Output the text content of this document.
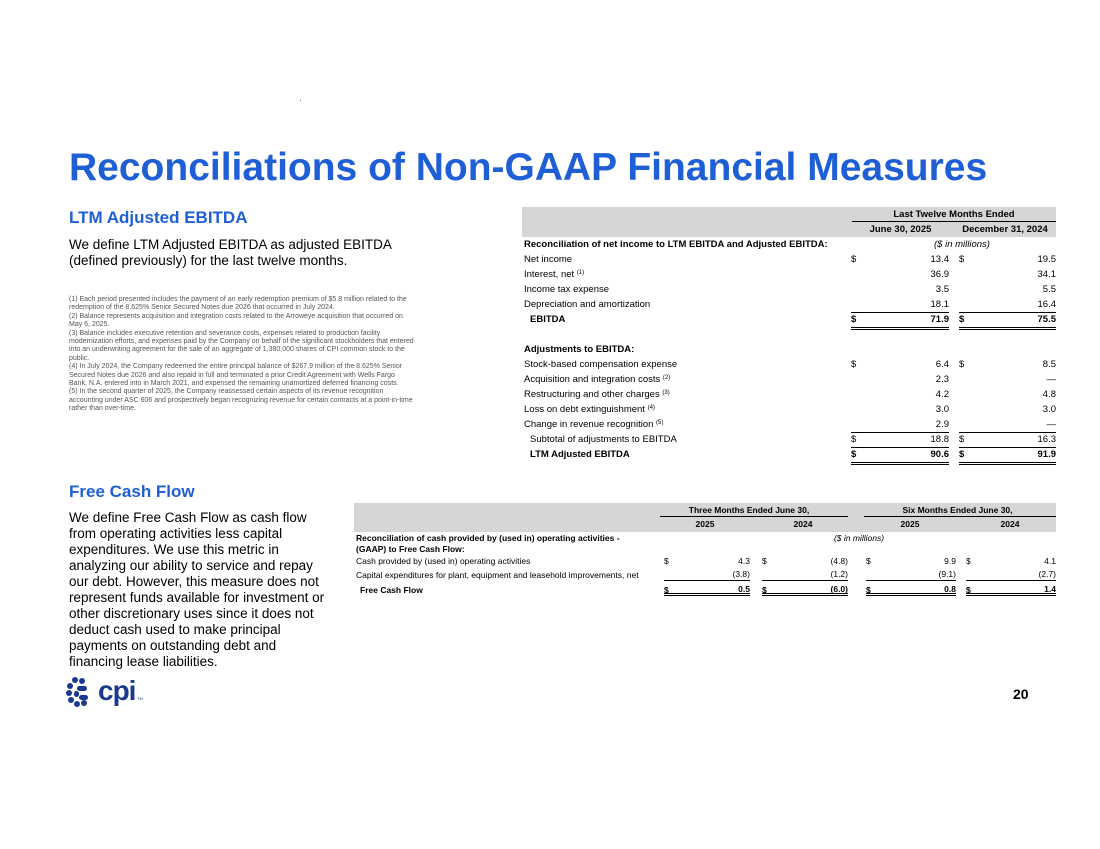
Reconciliations of Non-GAAP Financial Measures
LTM Adjusted EBITDA
We define LTM Adjusted EBITDA as adjusted EBITDA
(defined previously) for the last twelve months.

(1) Each period presented includes the payment of an early redemption premium of $5.8 million related to the redemption of the 8.625% Senior Secured Notes due 2026 that occurred in July 2024.

(2) Balance represents acquisition and integration costs related to the Arroweye acquisition that occurred on May 6, 2025.

(3) Balance includes executive retention and severance costs, expenses related to production facility modernization efforts, and expenses paid by the Company on behalf of the significant stockholders that entered into an underwriting agreement for the sale of an aggregate of 1,380,000 shares of CPI common stock to the public.

(4) In July 2024, the Company redeemed the entire principal balance of $267.9 million of the 8.625% Senior Secured Notes due 2026 and also repaid in full and terminated a prior Credit Agreement with Wells Fargo Bank, N.A. entered into in March 2021, and expensed the remaining unamortized deferred financing costs.

(5) In the second quarter of 2025, the Company reassessed certain aspects of its revenue recognition accounting under ASC 606 and prospectively began recognizing revenue for certain contracts at a point-in-time rather than over-time.

Last Twelve Months Ended
June 30, 2025	December 31, 2024
Reconciliation of net income to LTM EBITDA and Adjusted EBITDA:	($ in millions)
Net income	$	13.4 $	19.5
Interest, net $^{(1)}$	36.9	34.1
Income tax expense	3.5	5.5
Depreciation and amortization	18.1	16.4
EBITDA	$	71.9 $	75.5
Adjustments to EBITDA:
Stock-based compensation expense	$	6.4 $	8.5
Acquisition and integration costs $^{(2)}$	2.3	—
Restructuring and other charges $^{(3)}$	4.2	4.8
Loss on debt extinguishment $^{(4)}$	3.0	3.0
Change in revenue recognition $^{(5)}$	2.9	—
Subtotal of adjustments to EBITDA	$	18.8 $	16.3
LTM Adjusted EBITDA	$	90.6 $	91.9
Free Cash Flow
We define Free Cash Flow as cash flow
from operating activities less capital
expenditures. We use this metric in
analyzing our ability to service and repay
our debt. However, this measure does not
represent funds available for investment or
other discretionary uses since it does not
deduct cash used to make principal
payments on outstanding debt and
financing lease liabilities.
Three Months Ended June 30,	Six Months Ended June 30,
2025	2024	2025	2024
Reconciliation of cash provided by (used in) operating activities -	($ in millions)
(GAAP) to Free Cash Flow:
Cash provided by (used in) operating activities	$	4.3 $	(4.8) $	9.9 $	4.1
Capital expenditures for plant, equipment and leasehold improvements, net	(3.8)	(1.2)	(9.1)	(2.7)
Free Cash Flow	$	0.5 $	(6.0) $	0.8 $	1.4
cpi TM	20
